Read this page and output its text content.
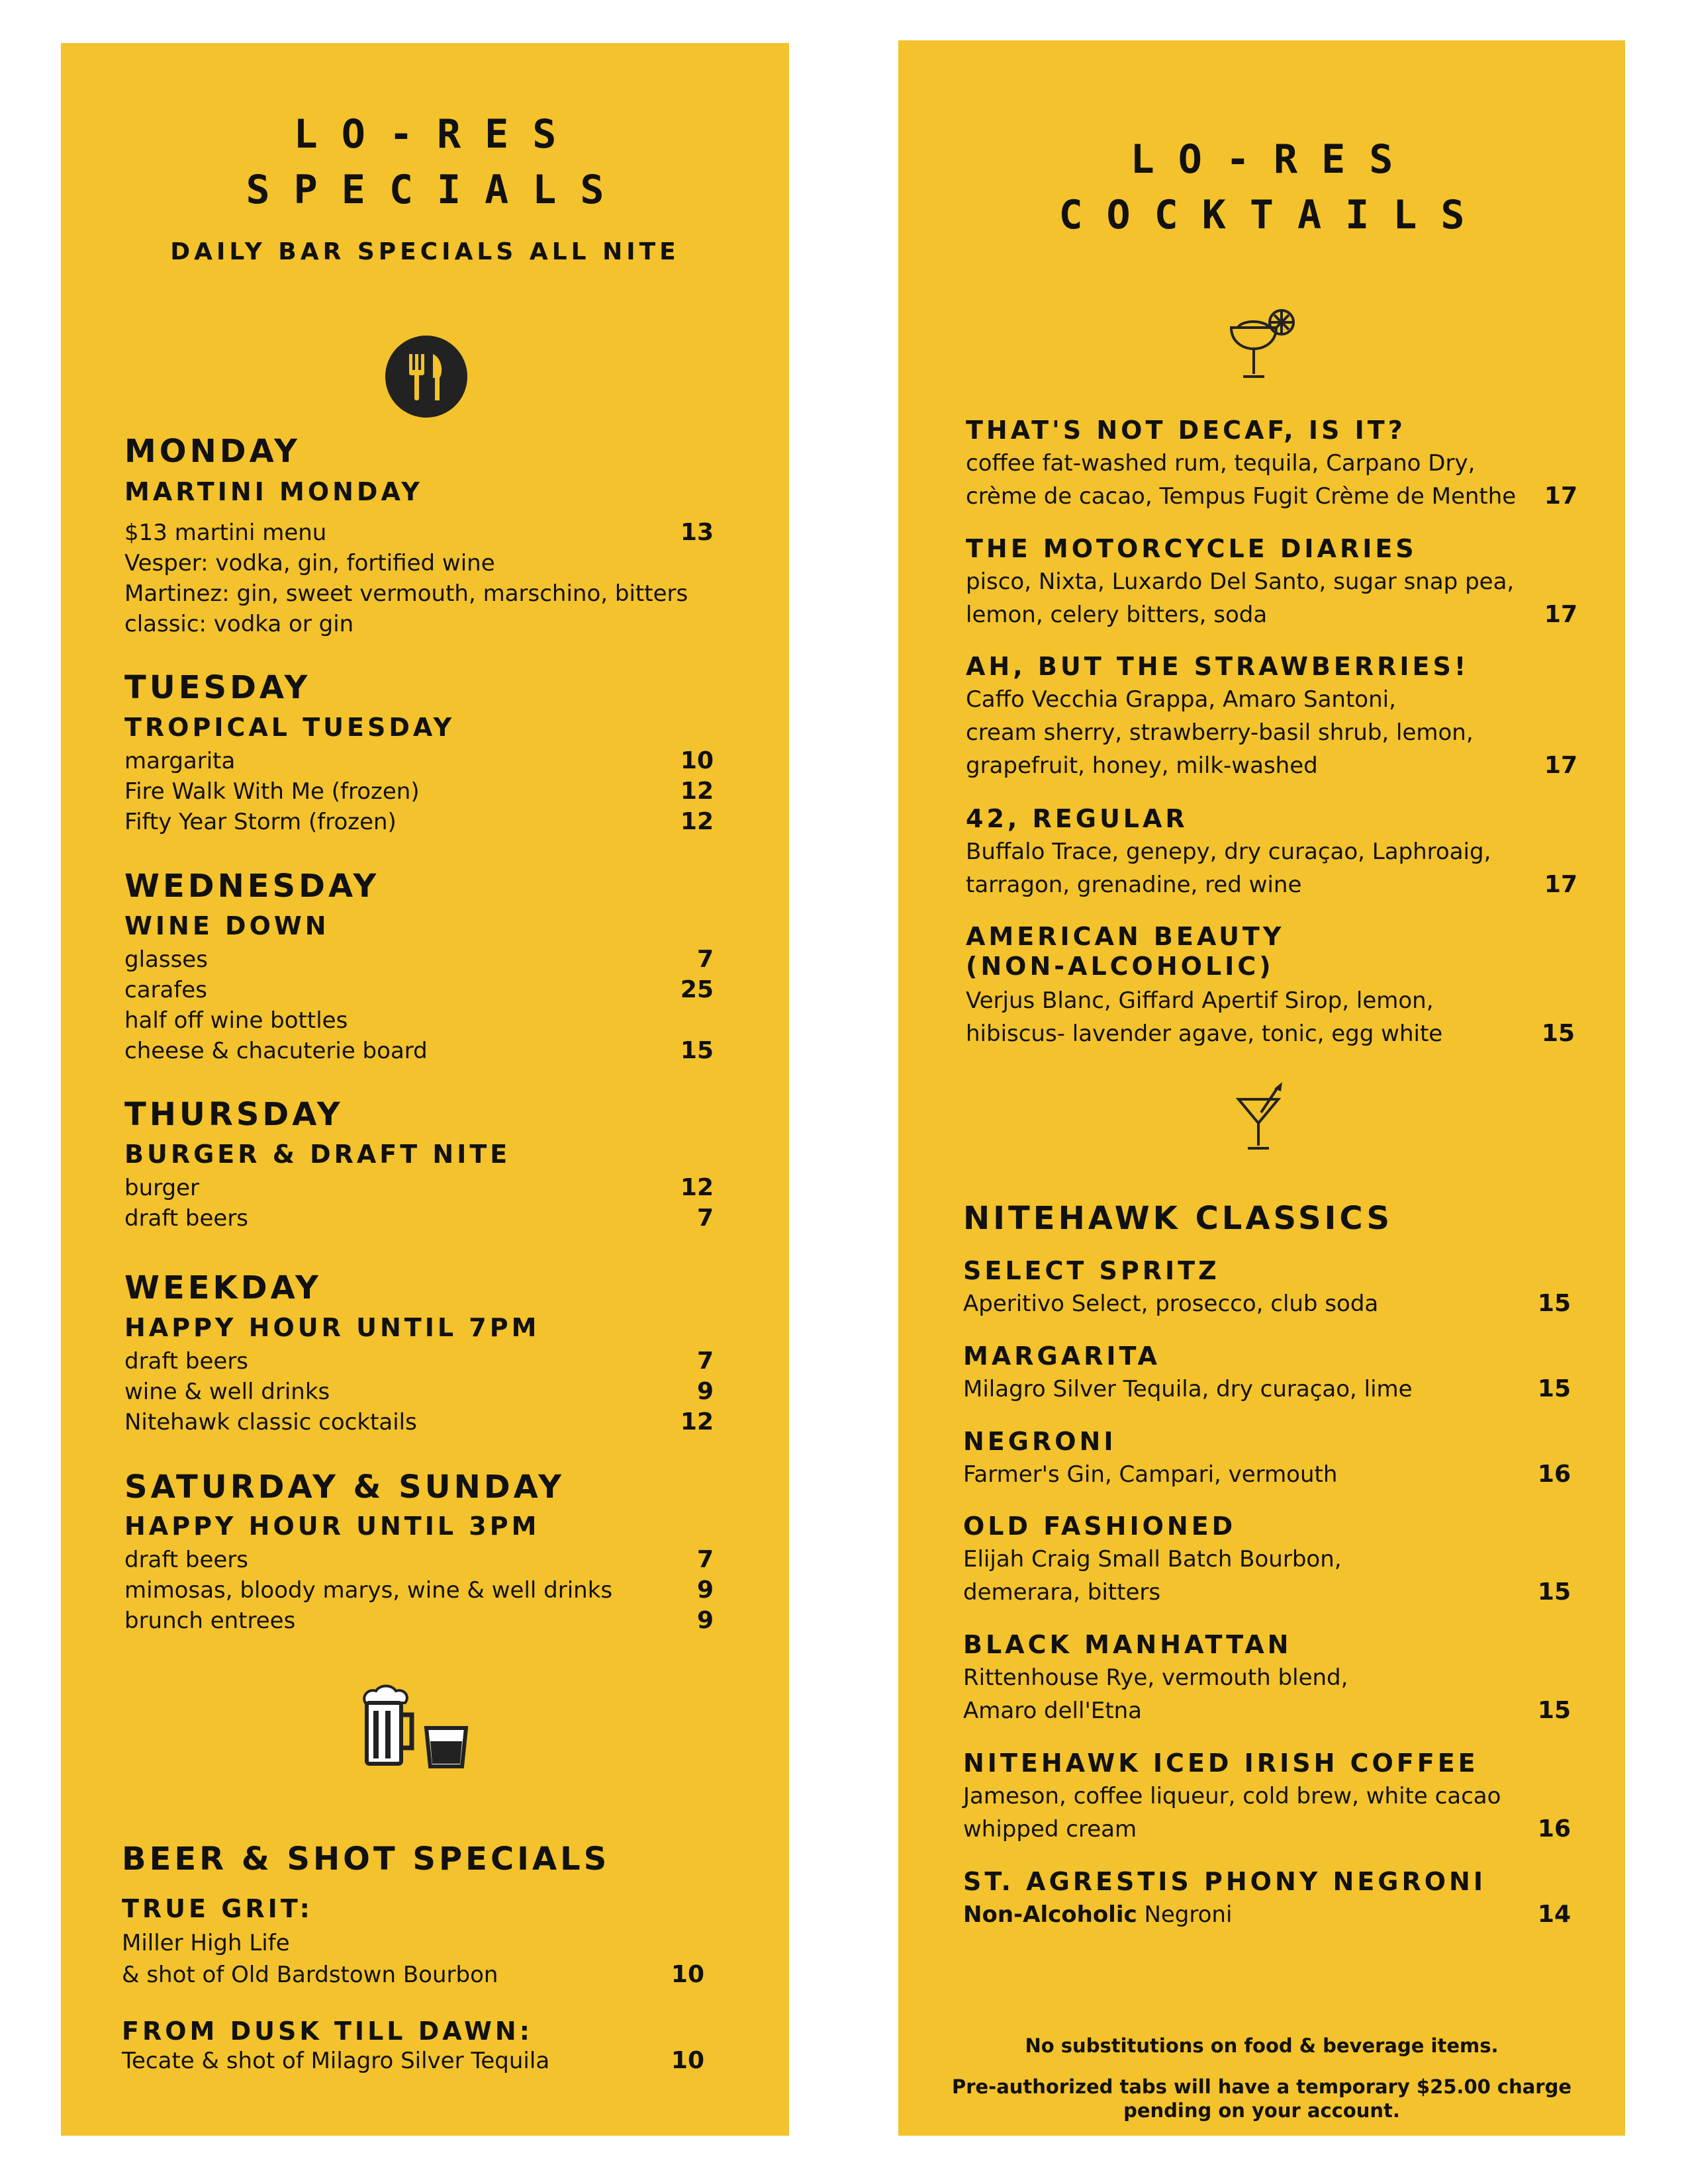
LO-RES
SPECIALS
DAILY BAR SPECIALS ALL NITE
MONDAY
MARTINI MONDAY
$13 martini menu	13
Vesper: vodka, gin, fortified wine
Martinez: gin, sweet vermouth, marschino, bitters
classic: vodka or gin
TUESDAY
TROPICAL TUESDAY
margarita	10
Fire Walk With Me (frozen)	12
Fifty Year Storm (frozen)	12
WEDNESDAY
WINE DOWN
glasses	7
carafes	25
half off wine bottles
cheese & chacuterie board	15
THURSDAY
BURGER & DRAFT NITE
burger	12
draft beers	7
WEEKDAY
HAPPY HOUR UNTIL 7PM
draft beers	7
wine & well drinks	9
Nitehawk classic cocktails	12
SATURDAY & SUNDAY
HAPPY HOUR UNTIL 3PM
draft beers	7
mimosas, bloody marys, wine & well drinks	9
brunch entrees	9
BEER & SHOT SPECIALS
TRUE GRIT:
Miller High Life
& shot of Old Bardstown Bourbon	10
FROM DUSK TILL DAWN:
Tecate & shot of Milagro Silver Tequila	10
LO-RES
COCKTAILS
THAT'S NOT DECAF, IS IT?
coffee fat-washed rum, tequila, Carpano Dry,
crème de cacao, Tempus Fugit Crème de Menthe	17
THE MOTORCYCLE DIARIES
pisco, Nixta, Luxardo Del Santo, sugar snap pea,
lemon, celery bitters, soda	17
AH, BUT THE STRAWBERRIES!
Caffo Vecchia Grappa, Amaro Santoni,
cream sherry, strawberry-basil shrub, lemon,
grapefruit, honey, milk-washed	17
42, REGULAR
Buffalo Trace, genepy, dry curaçao, Laphroaig,
tarragon, grenadine, red wine	17
AMERICAN BEAUTY
(NON-ALCOHOLIC)
Verjus Blanc, Giffard Apertif Sirop, lemon,
hibiscus- lavender agave, tonic, egg white	15
NITEHAWK CLASSICS
SELECT SPRITZ
Aperitivo Select, prosecco, club soda	15
MARGARITA
Milagro Silver Tequila, dry curaçao, lime	15
NEGRONI
Farmer's Gin, Campari, vermouth	16
OLD FASHIONED
Elijah Craig Small Batch Bourbon,
demerara, bitters	15
BLACK MANHATTAN
Rittenhouse Rye, vermouth blend,
Amaro dell'Etna	15
NITEHAWK ICED IRISH COFFEE
Jameson, coffee liqueur, cold brew, white cacao
whipped cream	16
ST. AGRESTIS PHONY NEGRONI
Non-Alcoholic Negroni	14
No substitutions on food & beverage items.
Pre-authorized tabs will have a temporary $25.00 charge
pending on your account.
